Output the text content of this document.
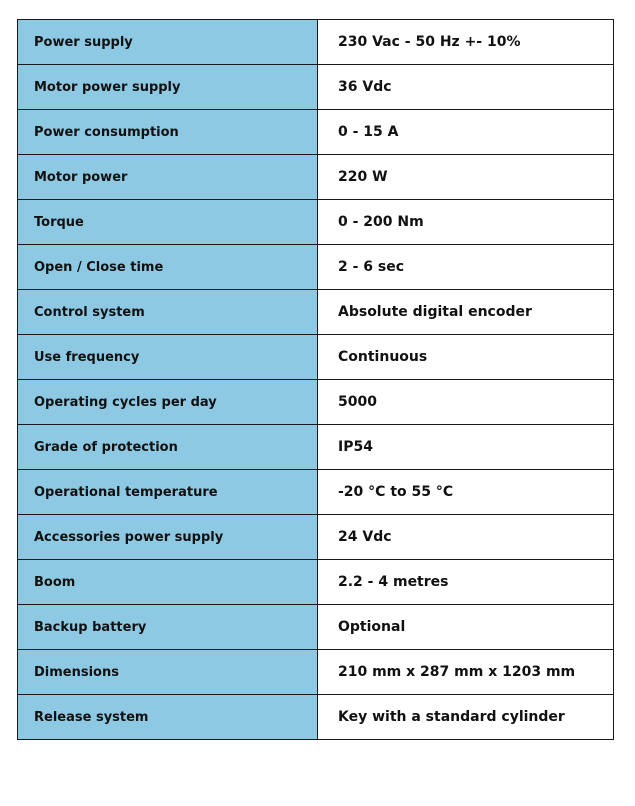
Power supply	230 Vac - 50 Hz +- 10%
Motor power supply	36 Vdc
Power consumption	0 - 15 A
Motor power	220 W
Torque	0 - 200 Nm
Open / Close time	2 - 6 sec
Control system	Absolute digital encoder
Use frequency	Continuous
Operating cycles per day	5000
Grade of protection	IP54
Operational temperature	-20 °C to 55 °C
Accessories power supply	24 Vdc
Boom	2.2 - 4 metres
Backup battery	Optional
Dimensions	210 mm x 287 mm x 1203 mm
Release system	Key with a standard cylinder
